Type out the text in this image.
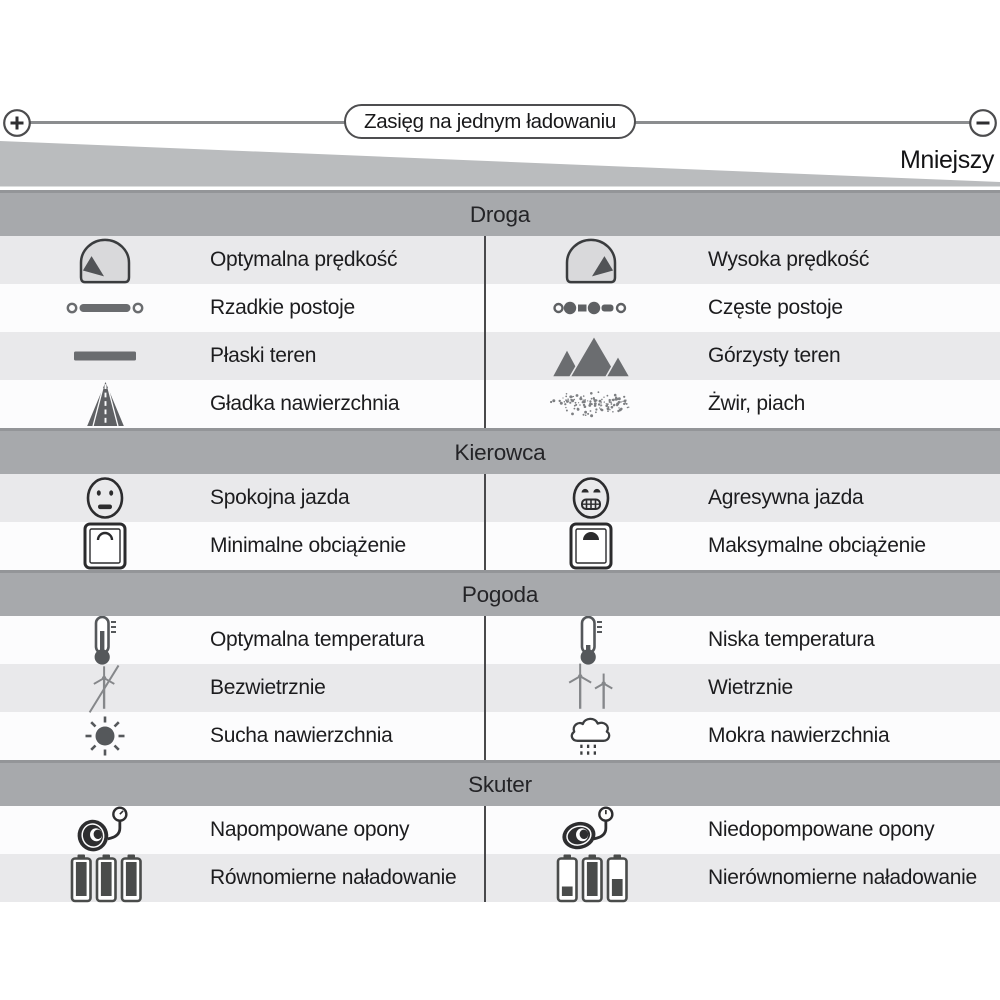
Zasięg na jednym ładowaniu
Mniejszy
Droga
Optymalna prędkość	Wysoka prędkość
Rzadkie postoje	Częste postoje
Płaski teren	Górzysty teren
Gładka nawierzchnia	Żwir, piach
Kierowca
Spokojna jazda	Agresywna jazda
Minimalne obciążenie	Maksymalne obciążenie
Pogoda
Optymalna temperatura	Niska temperatura
Bezwietrznie	Wietrznie
Sucha nawierzchnia	Mokra nawierzchnia
Skuter
Napompowane opony	Niedopompowane opony
Równomierne naładowanie	Nierównomierne naładowanie
